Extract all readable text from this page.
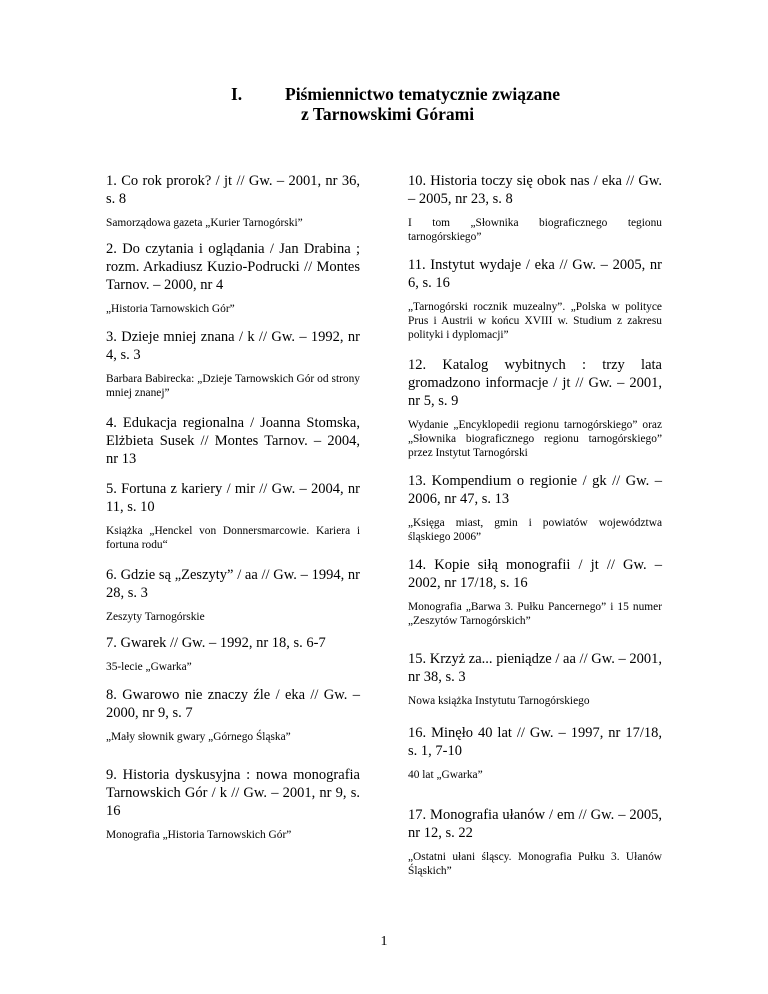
I. Piśmiennictwo tematycznie związane
z Tarnowskimi Górami
1. Co rok prorok? / jt // Gw. – 2001, nr 36, s. 8
Samorządowa gazeta „Kurier Tarnogórski”
2. Do czytania i oglądania / Jan Drabina ; rozm. Arkadiusz Kuzio-Podrucki // Montes Tarnov. – 2000, nr 4
„Historia Tarnowskich Gór”
3. Dzieje mniej znana / k // Gw. – 1992, nr 4, s. 3
Barbara Babirecka: „Dzieje Tarnowskich Gór od strony mniej znanej”
4. Edukacja regionalna / Joanna Stomska, Elżbieta Susek // Montes Tarnov. – 2004, nr 13
5. Fortuna z kariery / mir // Gw. – 2004, nr 11, s. 10
Książka „Henckel von Donnersmarcowie. Kariera i fortuna rodu“
6. Gdzie są „Zeszyty” / aa // Gw. – 1994, nr 28, s. 3
Zeszyty Tarnogórskie
7. Gwarek // Gw. – 1992, nr 18, s. 6-7
35-lecie „Gwarka”
8. Gwarowo nie znaczy źle / eka // Gw. – 2000, nr 9, s. 7
„Mały słownik gwary „Górnego Śląska”
9. Historia dyskusyjna : nowa monografia Tarnowskich Gór / k // Gw. – 2001, nr 9, s. 16
Monografia „Historia Tarnowskich Gór”
10. Historia toczy się obok nas / eka // Gw. – 2005, nr 23, s. 8
I tom „Słownika biograficznego tegionu tarnogórskiego”
11. Instytut wydaje / eka // Gw. – 2005, nr 6, s. 16
„Tarnogórski rocznik muzealny”. „Polska w polityce Prus i Austrii w końcu XVIII w. Studium z zakresu polityki i dyplomacji”
12. Katalog wybitnych : trzy lata gromadzono informacje / jt // Gw. – 2001, nr 5, s. 9
Wydanie „Encyklopedii regionu tarnogórskiego” oraz „Słownika biograficznego regionu tarnogórskiego” przez Instytut Tarnogórski
13. Kompendium o regionie / gk // Gw. – 2006, nr 47, s. 13
„Księga miast, gmin i powiatów województwa śląskiego 2006”
14. Kopie siłą monografii / jt // Gw. – 2002, nr 17/18, s. 16
Monografia „Barwa 3. Pułku Pancernego” i 15 numer „Zeszytów Tarnogórskich”
15. Krzyż za... pieniądze / aa // Gw. – 2001, nr 38, s. 3
Nowa książka Instytutu Tarnogórskiego
16. Minęło 40 lat // Gw. – 1997, nr 17/18, s. 1, 7-10
40 lat „Gwarka”
17. Monografia ułanów / em // Gw. – 2005, nr 12, s. 22
„Ostatni ułani śląscy. Monografia Pułku 3. Ułanów Śląskich”
1
